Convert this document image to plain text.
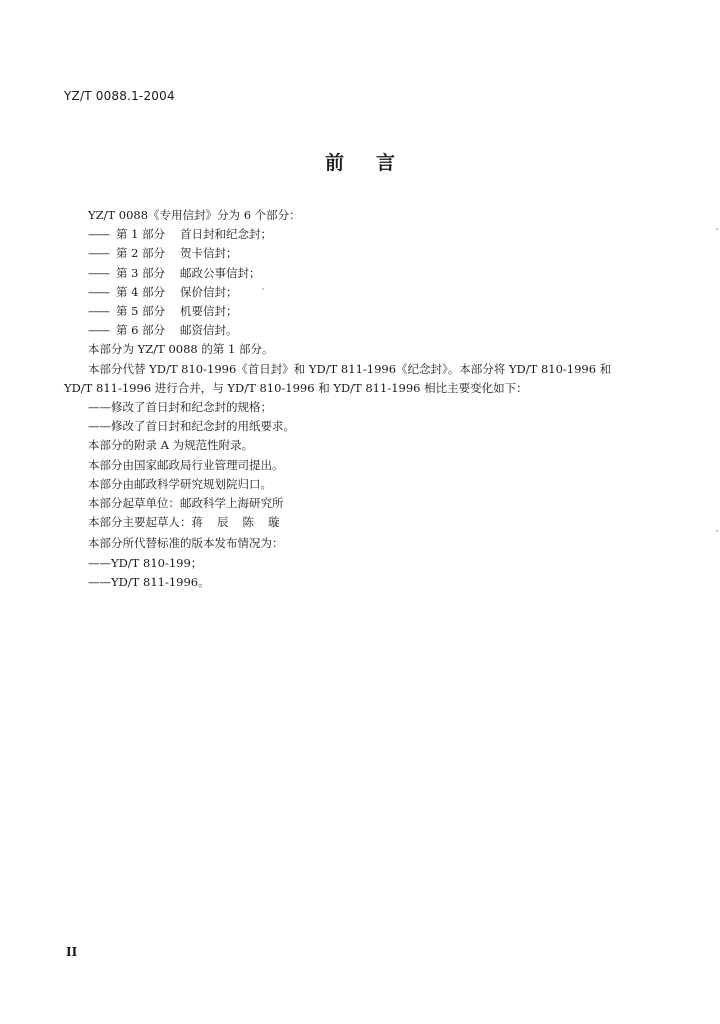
YZ/T 0088.1-2004
前 言
YZ/T 0088《专用信封》分为 6 个部分：
—— 第 1 部分 首日封和纪念封；
—— 第 2 部分 贺卡信封；
—— 第 3 部分 邮政公事信封；
—— 第 4 部分 保价信封；
—— 第 5 部分 机要信封；
—— 第 6 部分 邮资信封。
本部分为 YZ/T 0088 的第 1 部分。
本部分代替 YD/T 810-1996《首日封》和 YD/T 811-1996《纪念封》。本部分将 YD/T 810-1996 和
YD/T 811-1996 进行合并，与 YD/T 810-1996 和 YD/T 811-1996 相比主要变化如下：
——修改了首日封和纪念封的规格；
——修改了首日封和纪念封的用纸要求。
本部分的附录 A 为规范性附录。
本部分由国家邮政局行业管理司提出。
本部分由邮政科学研究规划院归口。
本部分起草单位：邮政科学上海研究所
本部分主要起草人：蒋 辰 陈 璇
本部分所代替标准的版本发布情况为：
——YD/T 810-199；
——YD/T 811-1996。
II
